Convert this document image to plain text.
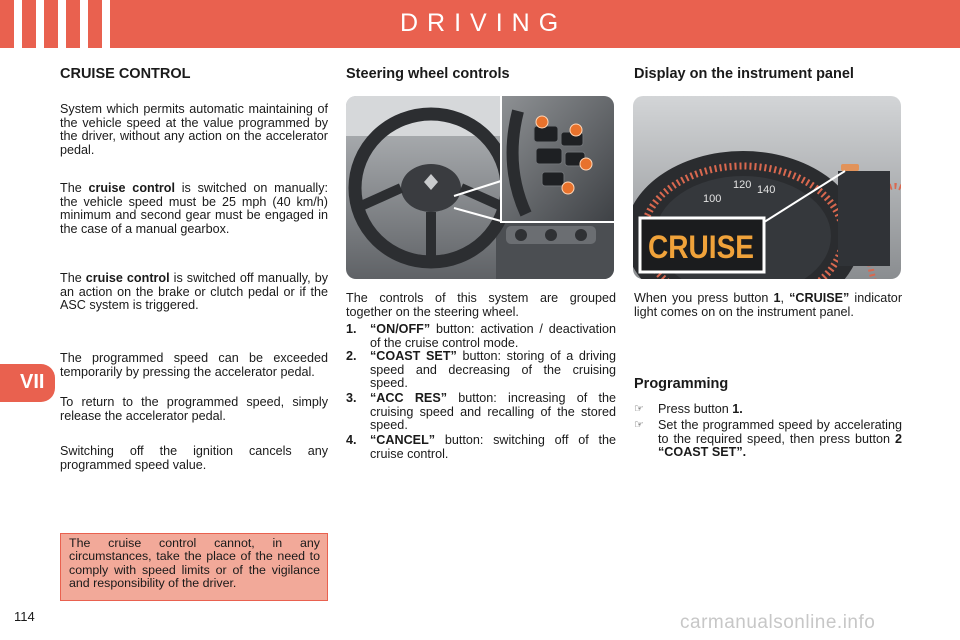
DRIVING
VII
CRUISE CONTROL
System which permits automatic maintaining of the vehicle speed at the value programmed by the driver, without any action on the accelerator pedal.
The cruise control is switched on manually: the vehicle speed must be 25 mph (40 km/h) minimum and second gear must be engaged in the case of a manual gearbox.
The cruise control is switched off manually, by an action on the brake or clutch pedal or if the ASC system is triggered.
The programmed speed can be exceeded temporarily by pressing the accelerator pedal.
To return to the programmed speed, simply release the accelerator pedal.
Switching off the ignition cancels any programmed speed value.
The cruise control cannot, in any circumstances, take the place of the need to comply with speed limits or of the vigilance and responsibility of the driver.
Steering wheel controls
The controls of this system are grouped together on the steering wheel.
1. “ON/OFF” button: activation / deactivation of the cruise control mode.
2. “COAST SET” button: storing of a driving speed and decreasing of the cruising speed.
3. “ACC RES” button: increasing of the cruising speed and recalling of the stored speed.
4. “CANCEL” button: switching off of the cruise control.
Display on the instrument panel
100
120 140
CRUISE
When you press button 1, “CRUISE” indicator light comes on on the instrument panel.
Programming
☞ Press button 1.
☞ Set the programmed speed by accelerating to the required speed, then press button 2 “COAST SET”.
114	carmanualsonline.info
